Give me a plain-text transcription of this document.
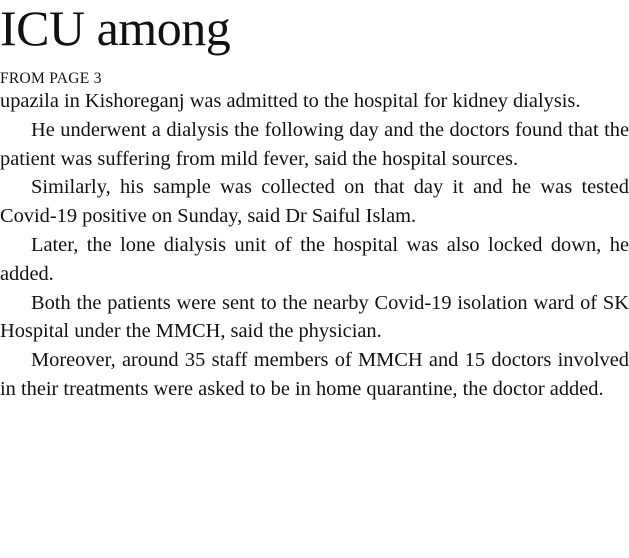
ICU among
FROM PAGE 3

upazila in Kishoreganj was admitted to the hospital for kidney dialysis.

He underwent a dialysis the following day and the doctors found that the patient was suffering from mild fever, said the hospital sources.

Similarly, his sample was collected on that day it and he was tested Covid-19 positive on Sunday, said Dr Saiful Islam.

Later, the lone dialysis unit of the hospital was also locked down, he added.

Both the patients were sent to the nearby Covid-19 isolation ward of SK Hospital under the MMCH, said the physician.

Moreover, around 35 staff members of MMCH and 15 doctors involved in their treatments were asked to be in home quarantine, the doctor added.
